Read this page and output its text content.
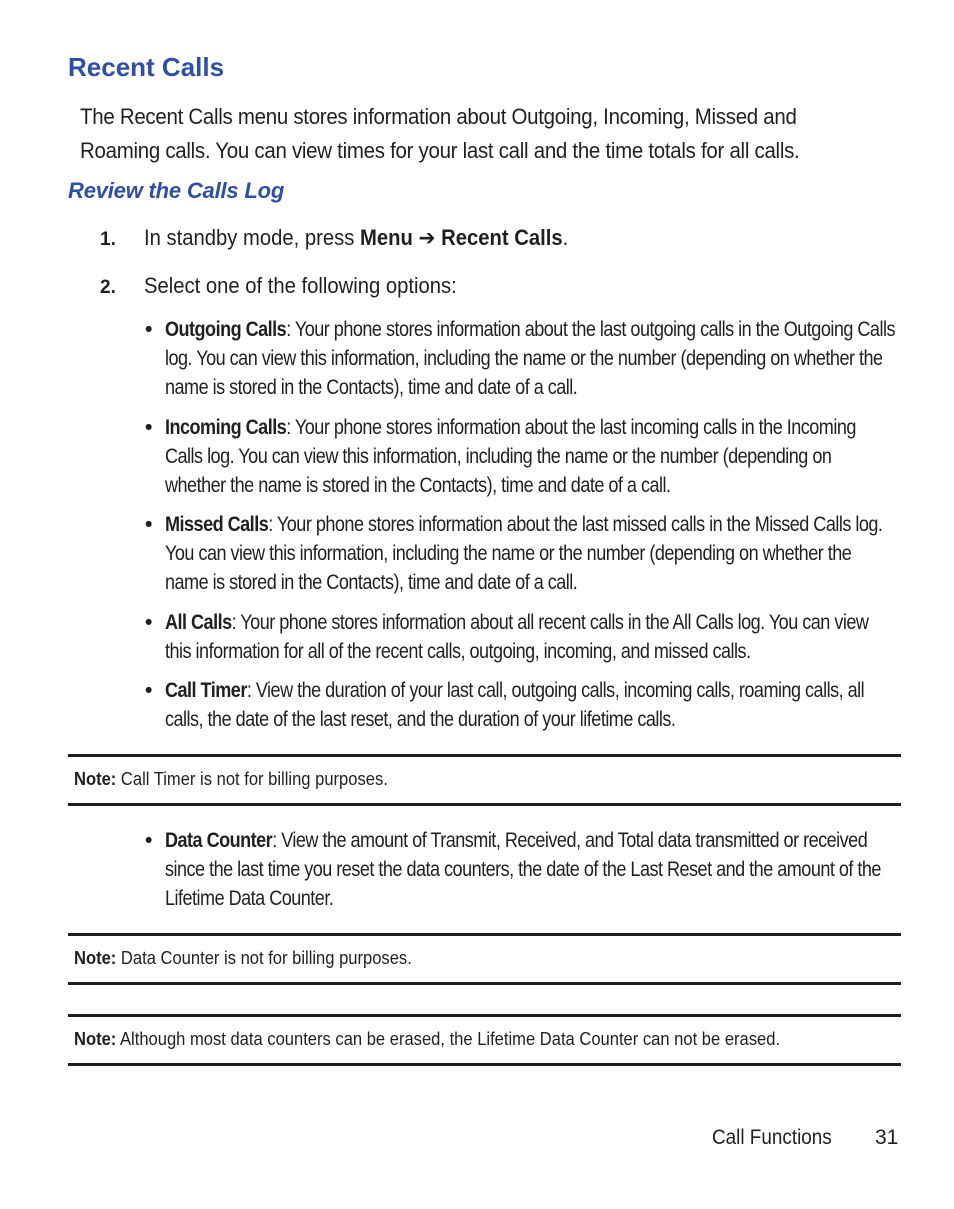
Recent Calls

The Recent Calls menu stores information about Outgoing, Incoming, Missed and Roaming calls. You can view times for your last call and the time totals for all calls.

Review the Calls Log
1. In standby mode, press Menu ➔ Recent Calls.
2. Select one of the following options:
• Outgoing Calls: Your phone stores information about the last outgoing calls in the Outgoing Calls log. You can view this information, including the name or the number (depending on whether the name is stored in the Contacts), time and date of a call.
• Incoming Calls: Your phone stores information about the last incoming calls in the Incoming Calls log. You can view this information, including the name or the number (depending on whether the name is stored in the Contacts), time and date of a call.
• Missed Calls: Your phone stores information about the last missed calls in the Missed Calls log. You can view this information, including the name or the number (depending on whether the name is stored in the Contacts), time and date of a call.
• All Calls: Your phone stores information about all recent calls in the All Calls log. You can view this information for all of the recent calls, outgoing, incoming, and missed calls.
• Call Timer: View the duration of your last call, outgoing calls, incoming calls, roaming calls, all calls, the date of the last reset, and the duration of your lifetime calls.
Note: Call Timer is not for billing purposes.
• Data Counter: View the amount of Transmit, Received, and Total data transmitted or received since the last time you reset the data counters, the date of the Last Reset and the amount of the Lifetime Data Counter.
Note: Data Counter is not for billing purposes.
Note: Although most data counters can be erased, the Lifetime Data Counter can not be erased.
Call Functions 31
